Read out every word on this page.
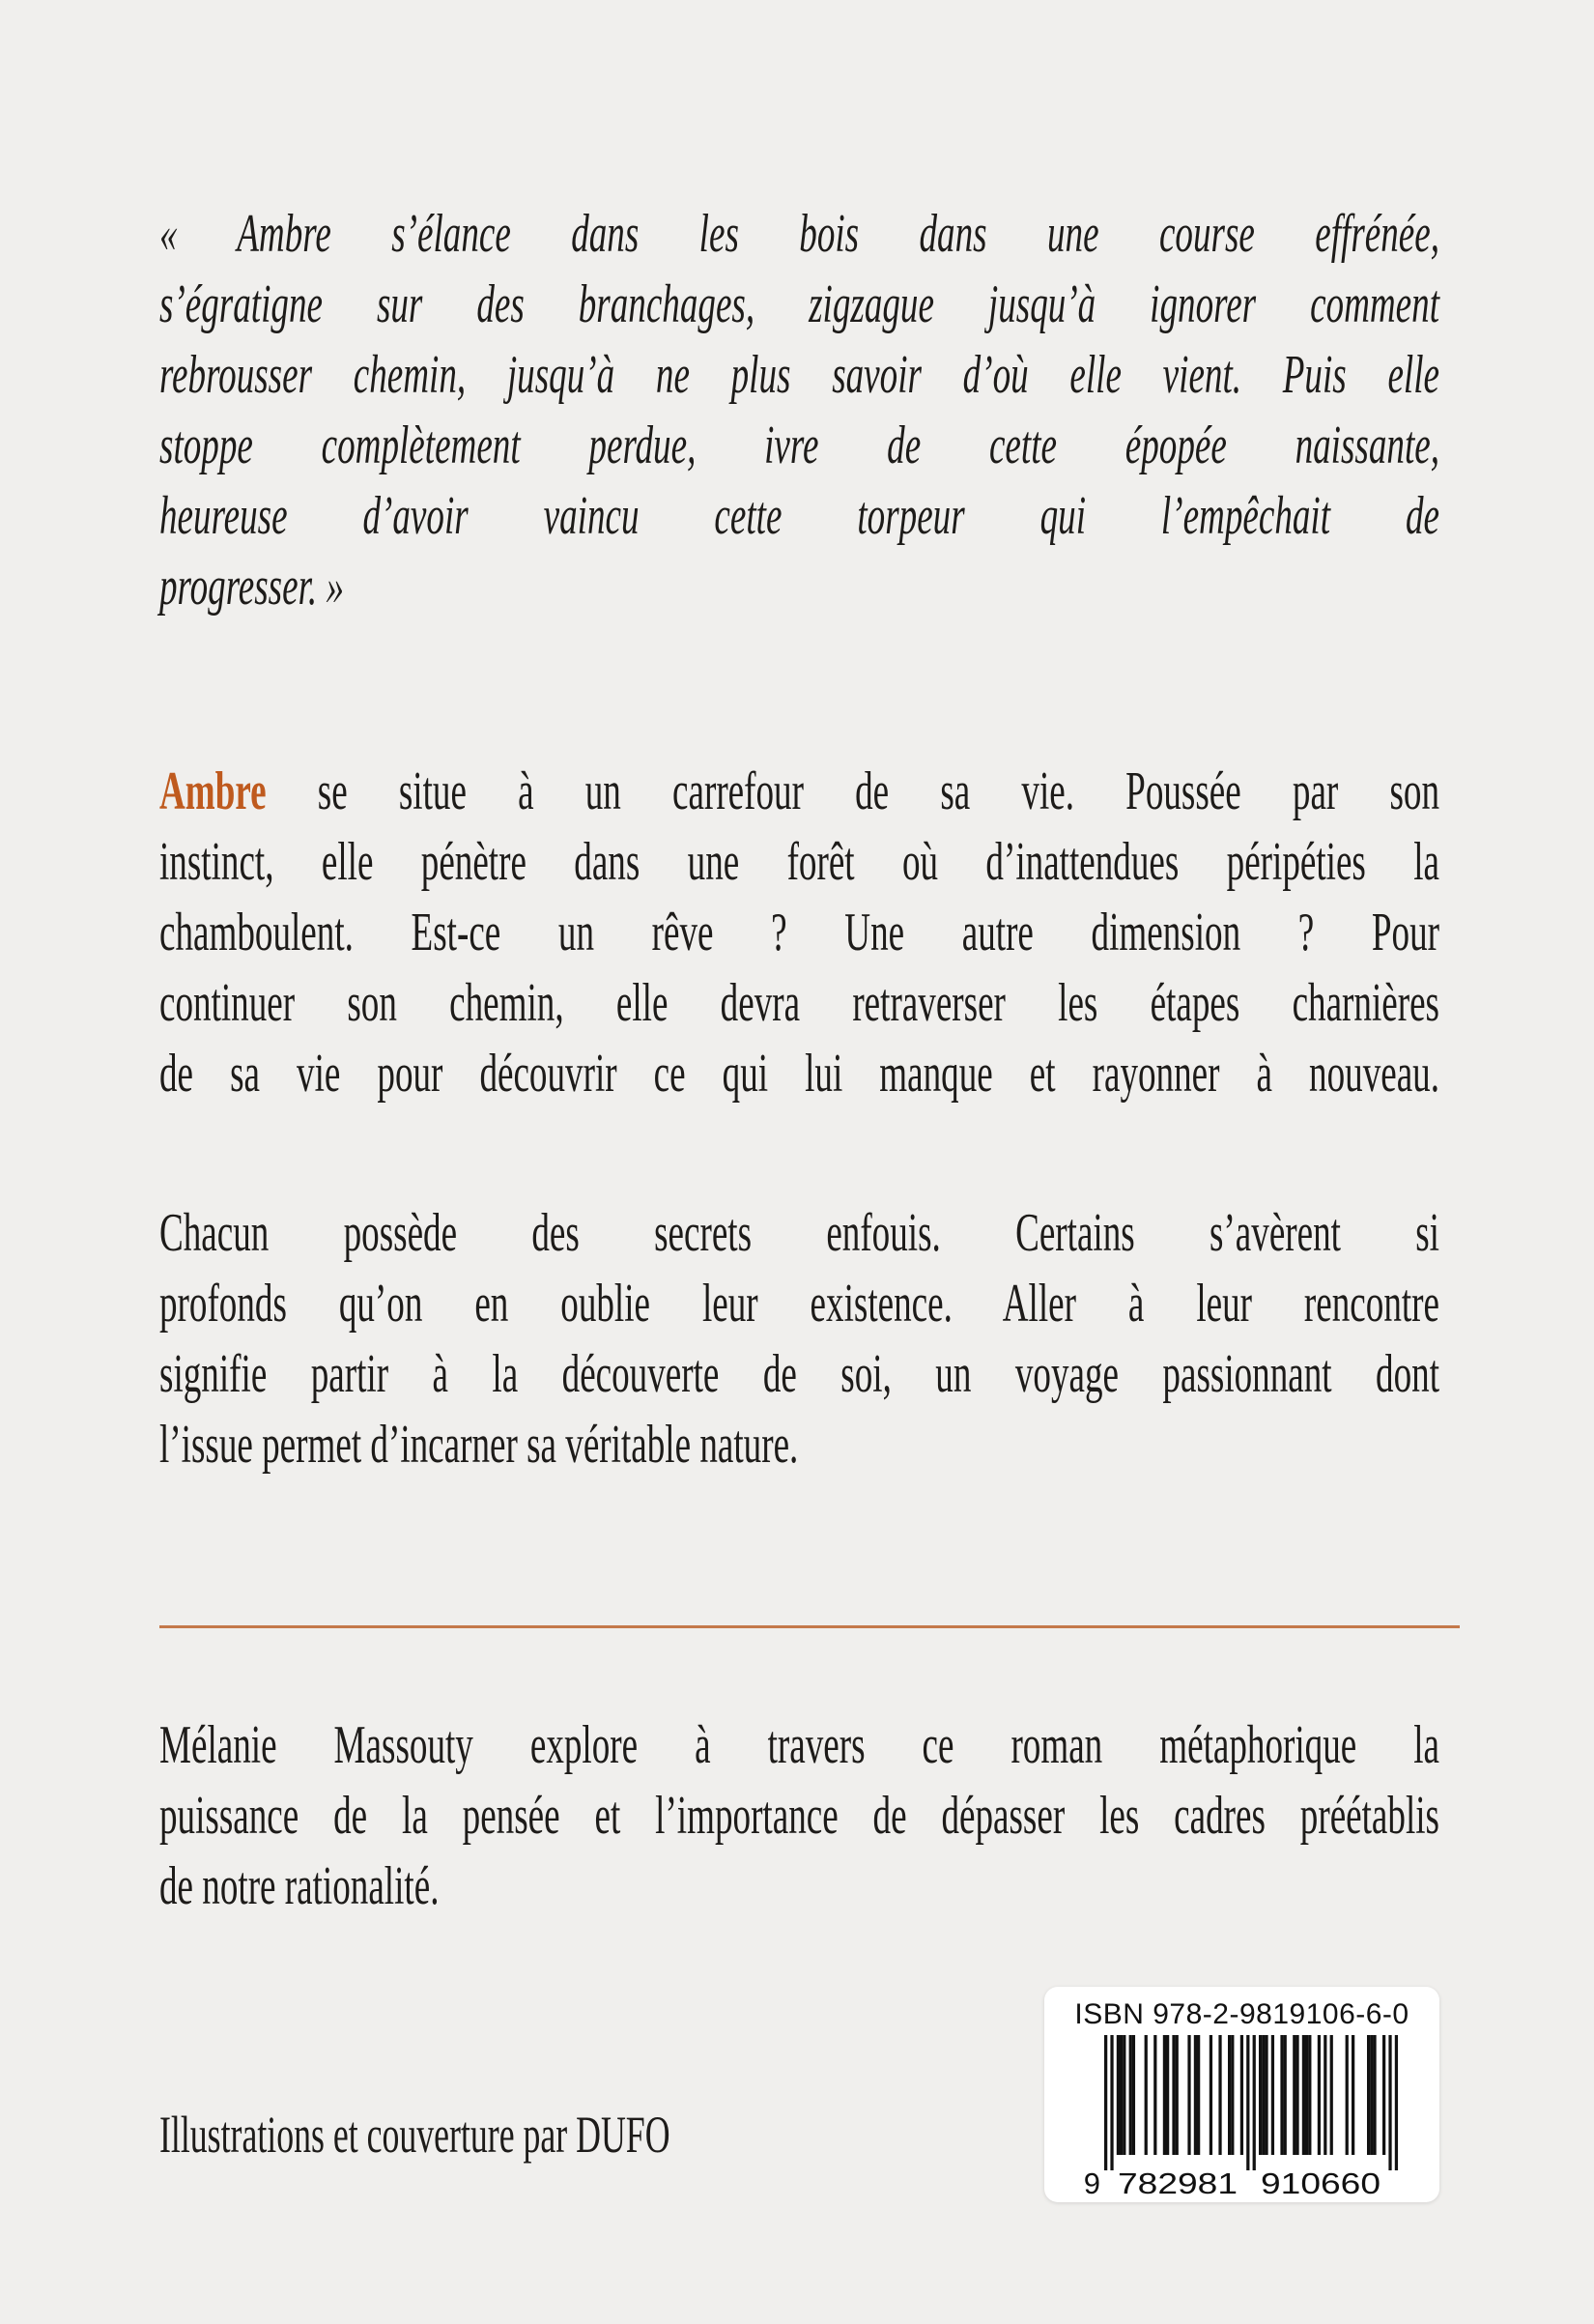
« Ambre s’élance dans les bois dans une course effrénée,
s’égratigne sur des branchages, zigzague jusqu’à ignorer comment
rebrousser chemin, jusqu’à ne plus savoir d’où elle vient. Puis elle
stoppe complètement perdue, ivre de cette épopée naissante,
heureuse d’avoir vaincu cette torpeur qui l’empêchait de
progresser. »
Ambre se situe à un carrefour de sa vie. Poussée par son
instinct, elle pénètre dans une forêt où d’inattendues péripéties la
chamboulent. Est-ce un rêve ? Une autre dimension ? Pour
continuer son chemin, elle devra retraverser les étapes charnières
de sa vie pour découvrir ce qui lui manque et rayonner à nouveau.
Chacun possède des secrets enfouis. Certains s’avèrent si
profonds qu’on en oublie leur existence. Aller à leur rencontre
signifie partir à la découverte de soi, un voyage passionnant dont
l’issue permet d’incarner sa véritable nature.
Mélanie Massouty explore à travers ce roman métaphorique la
puissance de la pensée et l’importance de dépasser les cadres préétablis
de notre rationalité.
Illustrations et couverture par DUFO
ISBN 978-2-9819106-6-0
9 782981 910660
